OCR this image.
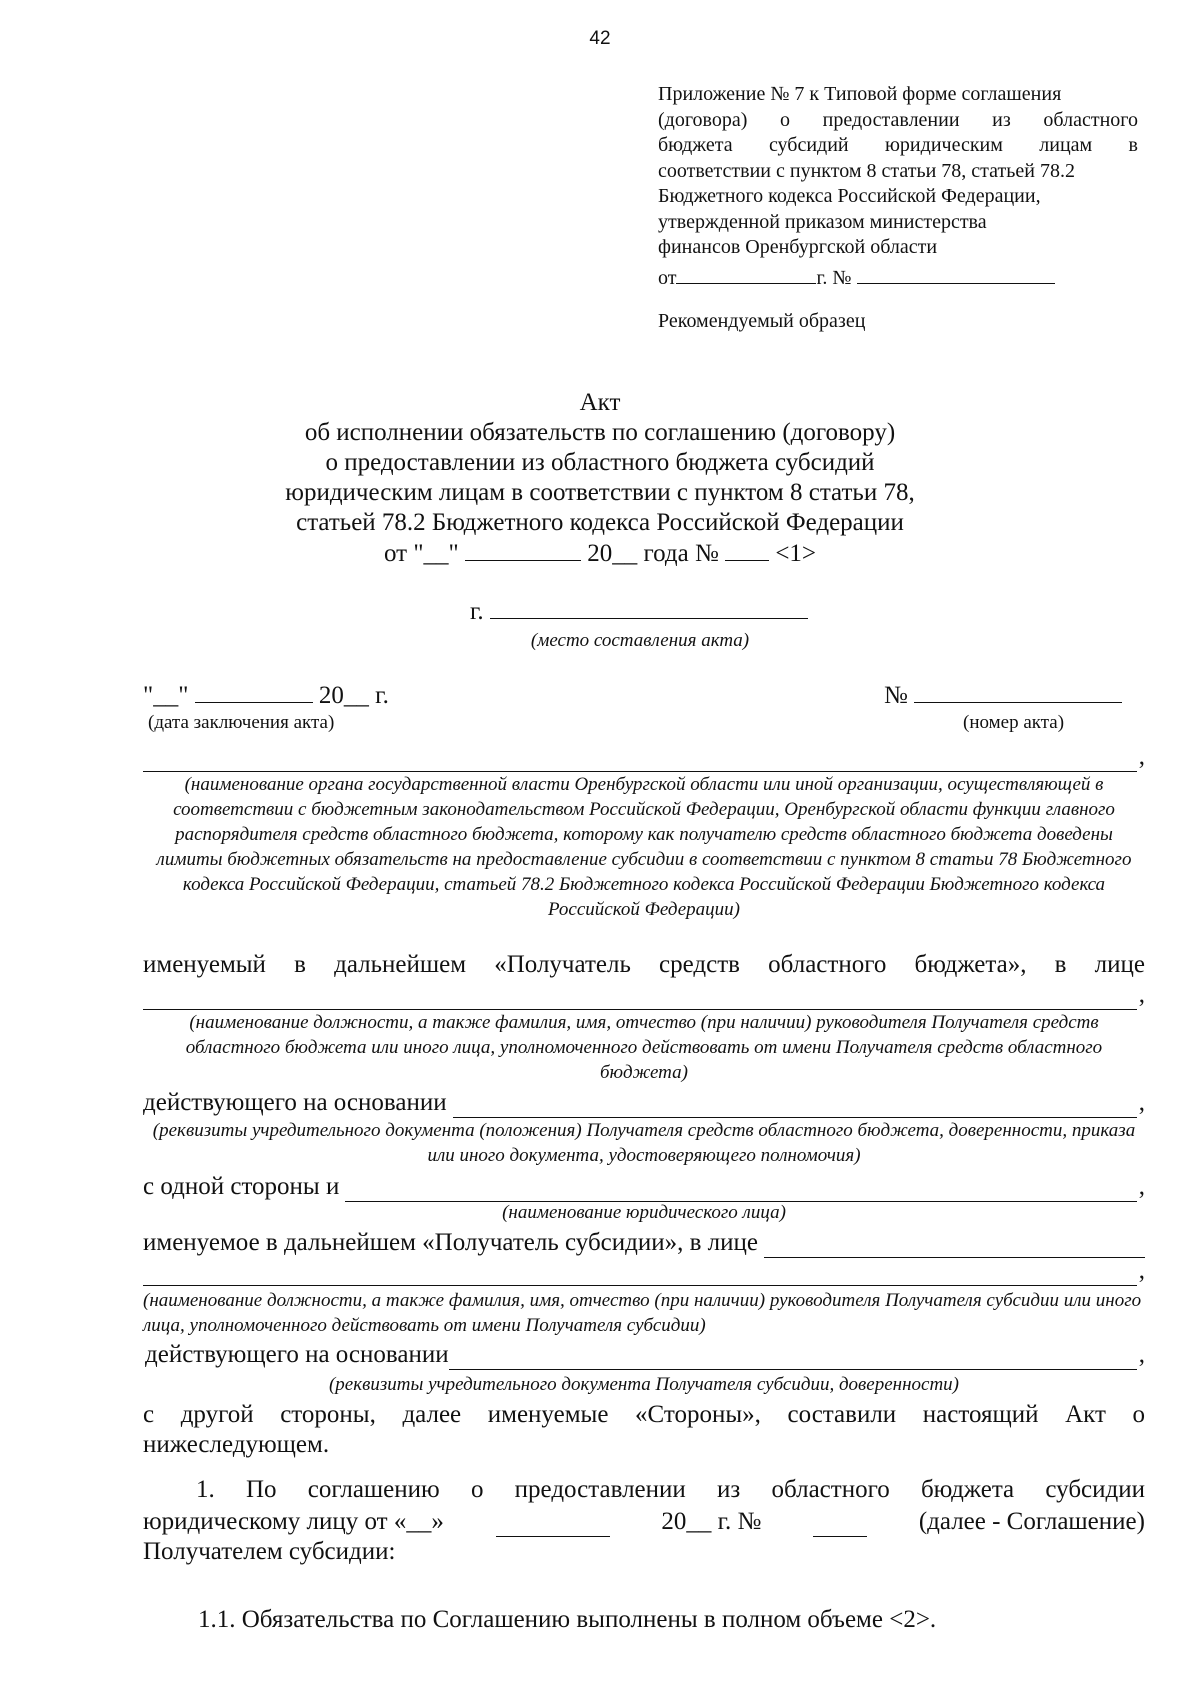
42
Приложение № 7 к Типовой форме соглашения
(договора) о предоставлении из областного
бюджета субсидий юридическим лицам в
соответствии с пунктом 8 статьи 78, статьей 78.2
Бюджетного кодекса Российской Федерации,
утвержденной приказом министерства
финансов Оренбургской области
от	г. №
Рекомендуемый образец
Акт
об исполнении обязательств по соглашению (договору)
о предоставлении из областного бюджета субсидий
юридическим лицам в соответствии с пунктом 8 статьи 78,
статьей 78.2 Бюджетного кодекса Российской Федерации
от "__"	20__ года № <1>
г.
(место составления акта)
"__"	20__ г.
(дата заключения акта)
№
(номер акта)
,
(наименование органа государственной власти Оренбургской области или иной организации, осуществляющей в соответствии с бюджетным законодательством Российской Федерации, Оренбургской области функции главного распорядителя средств областного бюджета, которому как получателю средств областного бюджета доведены лимиты бюджетных обязательств на предоставление субсидии в соответствии с пунктом 8 статьи 78 Бюджетного кодекса Российской Федерации, статьей 78.2 Бюджетного кодекса Российской Федерации Бюджетного кодекса Российской Федерации)
именуемый в дальнейшем «Получатель средств областного бюджета», в лице
,
(наименование должности, а также фамилия, имя, отчество (при наличии) руководителя Получателя средств областного бюджета или иного лица, уполномоченного действовать от имени Получателя средств областного бюджета)
действующего на основании	,
(реквизиты учредительного документа (положения) Получателя средств областного бюджета, доверенности, приказа или иного документа, удостоверяющего полномочия)
с одной стороны и	,
(наименование юридического лица)
именуемое в дальнейшем «Получатель субсидии», в лице
,
(наименование должности, а также фамилия, имя, отчество (при наличии) руководителя Получателя субсидии или иного лица, уполномоченного действовать от имени Получателя субсидии)
действующего на основании	,
(реквизиты учредительного документа Получателя субсидии, доверенности)
с другой стороны, далее именуемые «Стороны», составили настоящий Акт о
нижеследующем.
1. По соглашению о предоставлении из областного бюджета субсидии
юридическому лицу от «__»	20__ г. №	(далее - Соглашение)
Получателем субсидии:
1.1. Обязательства по Соглашению выполнены в полном объеме <2>.
